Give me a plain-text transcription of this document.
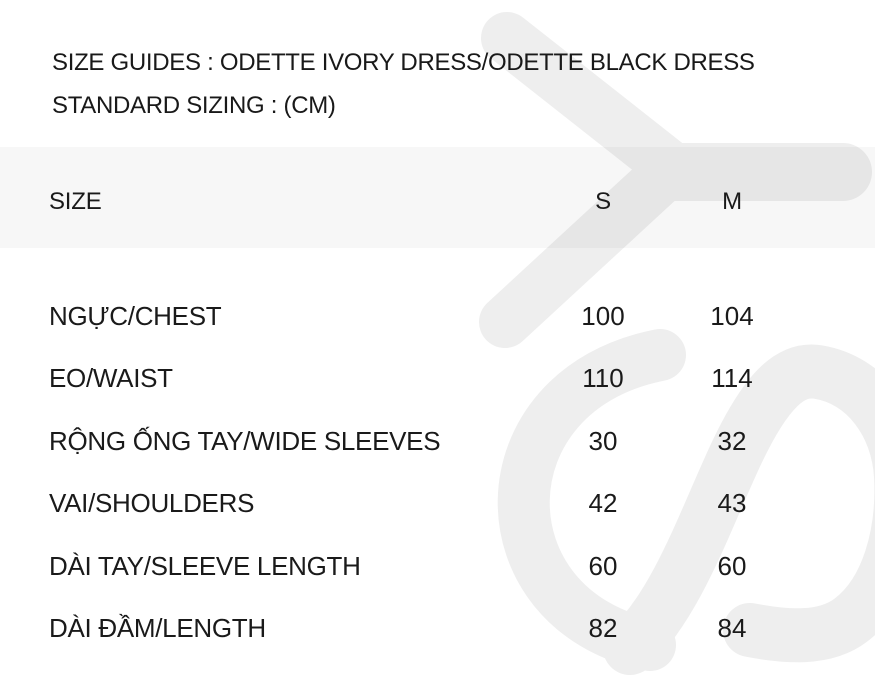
SIZE GUIDES : ODETTE IVORY DRESS/ODETTE BLACK DRESS
STANDARD SIZING : (CM)
SIZE	S	M
NGỰC/CHEST	100	104
EO/WAIST	110	114
RỘNG ỐNG TAY/WIDE SLEEVES	30	32
VAI/SHOULDERS	42	43
DÀI TAY/SLEEVE LENGTH	60	60
DÀI ĐẦM/LENGTH	82	84
